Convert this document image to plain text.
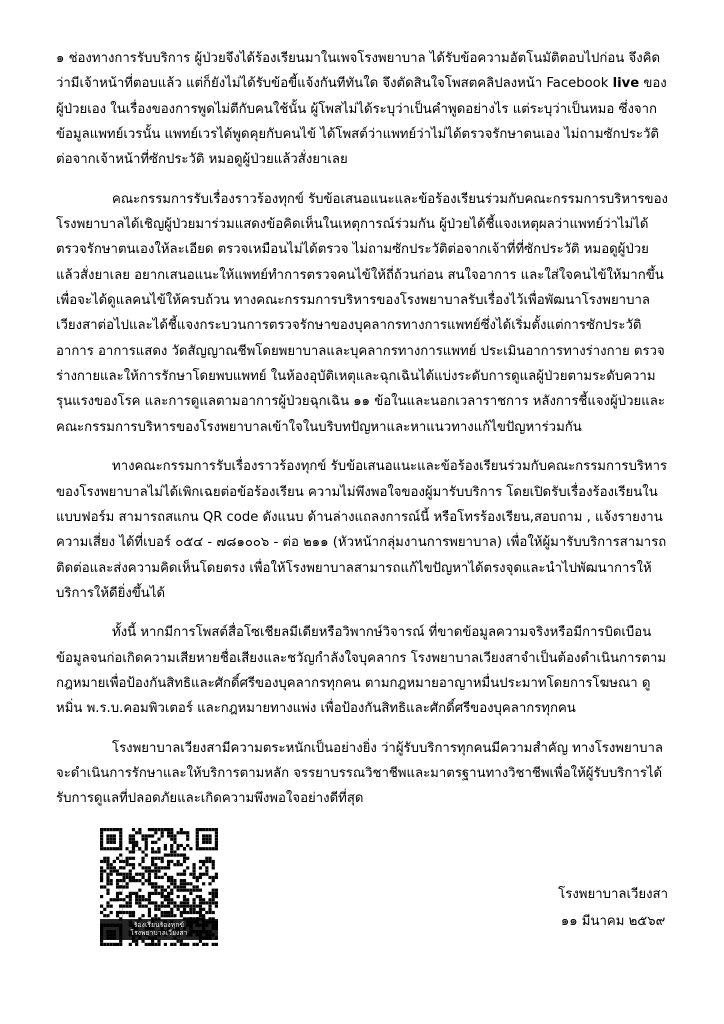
๑ ช่องทางการรับบริการ ผู้ป่วยจึงได้ร้องเรียนมาในเพจโรงพยาบาล ได้รับข้อความอัตโนมัติตอบไปก่อน จึงคิดว่ามีเจ้าหน้าที่ตอบแล้ว แต่ก็ยังไม่ได้รับข้อขี้แจ้งกันทีทันใด จึงตัดสินใจโพสตคลิปลงหน้า Facebook live ของผู้ป่วยเอง ในเรื่องของการพูดไม่ตีกับคนใช้นั้น ผู้โพสไม่ได้ระบุว่าเป็นคำพูดอย่างไร แต่ระบุว่าเป็นหมอ ซึ่งจากข้อมูลแพทย์เวรนั้น แพทย์เวรได้พูดคุยกับคนไข้ ได้โพสต์ว่าแพทย์ว่าไม่ได้ตรวจรักษาตนเอง ไม่ถามซักประวัติต่อจากเจ้าหน้าที่ซักประวัติ หมอดูผู้ป่วยแล้วสั่งยาเลย

คณะกรรมการรับเรื่องราวร้องทุกข์ รับข้อเสนอแนะและข้อร้องเรียนร่วมกับคณะกรรมการบริหารของโรงพยาบาลได้เชิญผู้ป่วยมาร่วมแสดงข้อคิดเห็นในเหตุการณ์ร่วมกัน ผู้ป่วยได้ชี้แจงเหตุผลว่าแพทย์ว่าไม่ได้ตรวจรักษาตนเองให้ละเอียด ตรวจเหมือนไม่ได้ตรวจ ไม่ถามซักประวัติต่อจากเจ้าที่ที่ซักประวัติ หมอดูผู้ป่วยแล้วสั่งยาเลย อยากเสนอแนะให้แพทย์ทำการตรวจคนไข้ให้ถี่ถ้วนก่อน สนใจอาการ และใส่ใจคนไข้ให้มากขึ้นเพื่อจะได้ดูแลคนไข้ให้ครบถ้วน ทางคณะกรรมการบริหารของโรงพยาบาลรับเรื่องไว้เพื่อพัฒนาโรงพยาบาลเวียงสาต่อไปและได้ชี้แจงกระบวนการตรวจรักษาของบุคลากรทางการแพทย์ซึ่งได้เริ่มตั้งแต่การซักประวัติ อาการ อาการแสดง วัดสัญญาณชีพโดยพยาบาลและบุคลากรทางการแพทย์ ประเมินอาการทางร่างกาย ตรวจร่างกายและให้การรักษาโดยพบแพทย์ ในห้องอุบัติเหตุและฉุกเฉินได้แบ่งระดับการดูแลผู้ป่วยตามระดับความรุนแรงของโรค และการดูแลตามอาการผู้ป่วยฉุกเฉิน ๑๑ ข้อในและนอกเวลาราชการ หลังการชี้แจงผู้ป่วยและคณะกรรมการบริหารของโรงพยาบาลเข้าใจในบริบทปัญหาและหาแนวทางแก้ไขปัญหาร่วมกัน

ทางคณะกรรมการรับเรื่องราวร้องทุกข์ รับข้อเสนอแนะและข้อร้องเรียนร่วมกับคณะกรรมการบริหารของโรงพยาบาลไม่ได้เพิกเฉยต่อข้อร้องเรียน ความไม่พึงพอใจของผู้มารับบริการ โดยเปิดรับเรื่องร้องเรียนในแบบฟอร์ม สามารถสแกน QR code ดังแนบ ด้านล่างแถลงการณ์นี้ หรือโทรร้องเรียน,สอบถาม , แจ้งรายงานความเสี่ยง ได้ที่เบอร์ ๐๕๔ - ๗๘๑๐๐๖ - ต่อ ๒๑๑ (หัวหน้ากลุ่มงานการพยาบาล) เพื่อให้ผู้มารับบริการสามารถติดต่อและส่งความคิดเห็นโดยตรง เพื่อให้โรงพยาบาลสามารถแก้ไขปัญหาได้ตรงจุดและนำไปพัฒนาการให้บริการให้ดียิ่งขึ้นได้

ทั้งนี้ หากมีการโพสต์สื่อโซเชียลมีเดียหรือวิพากษ์วิจารณ์ ที่ขาดข้อมูลความจริงหรือมีการบิดเบือนข้อมูลจนก่อเกิดความเสียหายชื่อเสียงและชวัญกำลังใจบุคลากร โรงพยาบาลเวียงสาจำเป็นต้องดำเนินการตามกฎหมายเพื่อป้องกันสิทธิและศักดิ์ศรีของบุคลากรทุกคน ตามกฎหมายอาญาหมื่นประมาทโดยการโฆษณา ดูหมิ่น พ.ร.บ.คอมพิวเตอร์ และกฎหมายทางแพ่ง เพื่อป้องกันสิทธิและศักดิ์ศรีของบุคลากรทุกคน

โรงพยาบาลเวียงสามีความตระหนักเป็นอย่างยิ่ง ว่าผู้รับบริการทุกคนมีความสำคัญ ทางโรงพยาบาลจะดำเนินการรักษาและให้บริการตามหลัก จรรยาบรรณวิชาชีพและมาตรฐานทางวิชาชีพเพื่อให้ผู้รับบริการได้รับการดูแลที่ปลอดภัยและเกิดความพึงพอใจอย่างดีที่สุด

ร้องเรียนร้องทุกข์
โรงพยาบาลเวียงสา
โรงพยาบาลเวียงสา
๑๑ มีนาคม ๒๕๖๙
